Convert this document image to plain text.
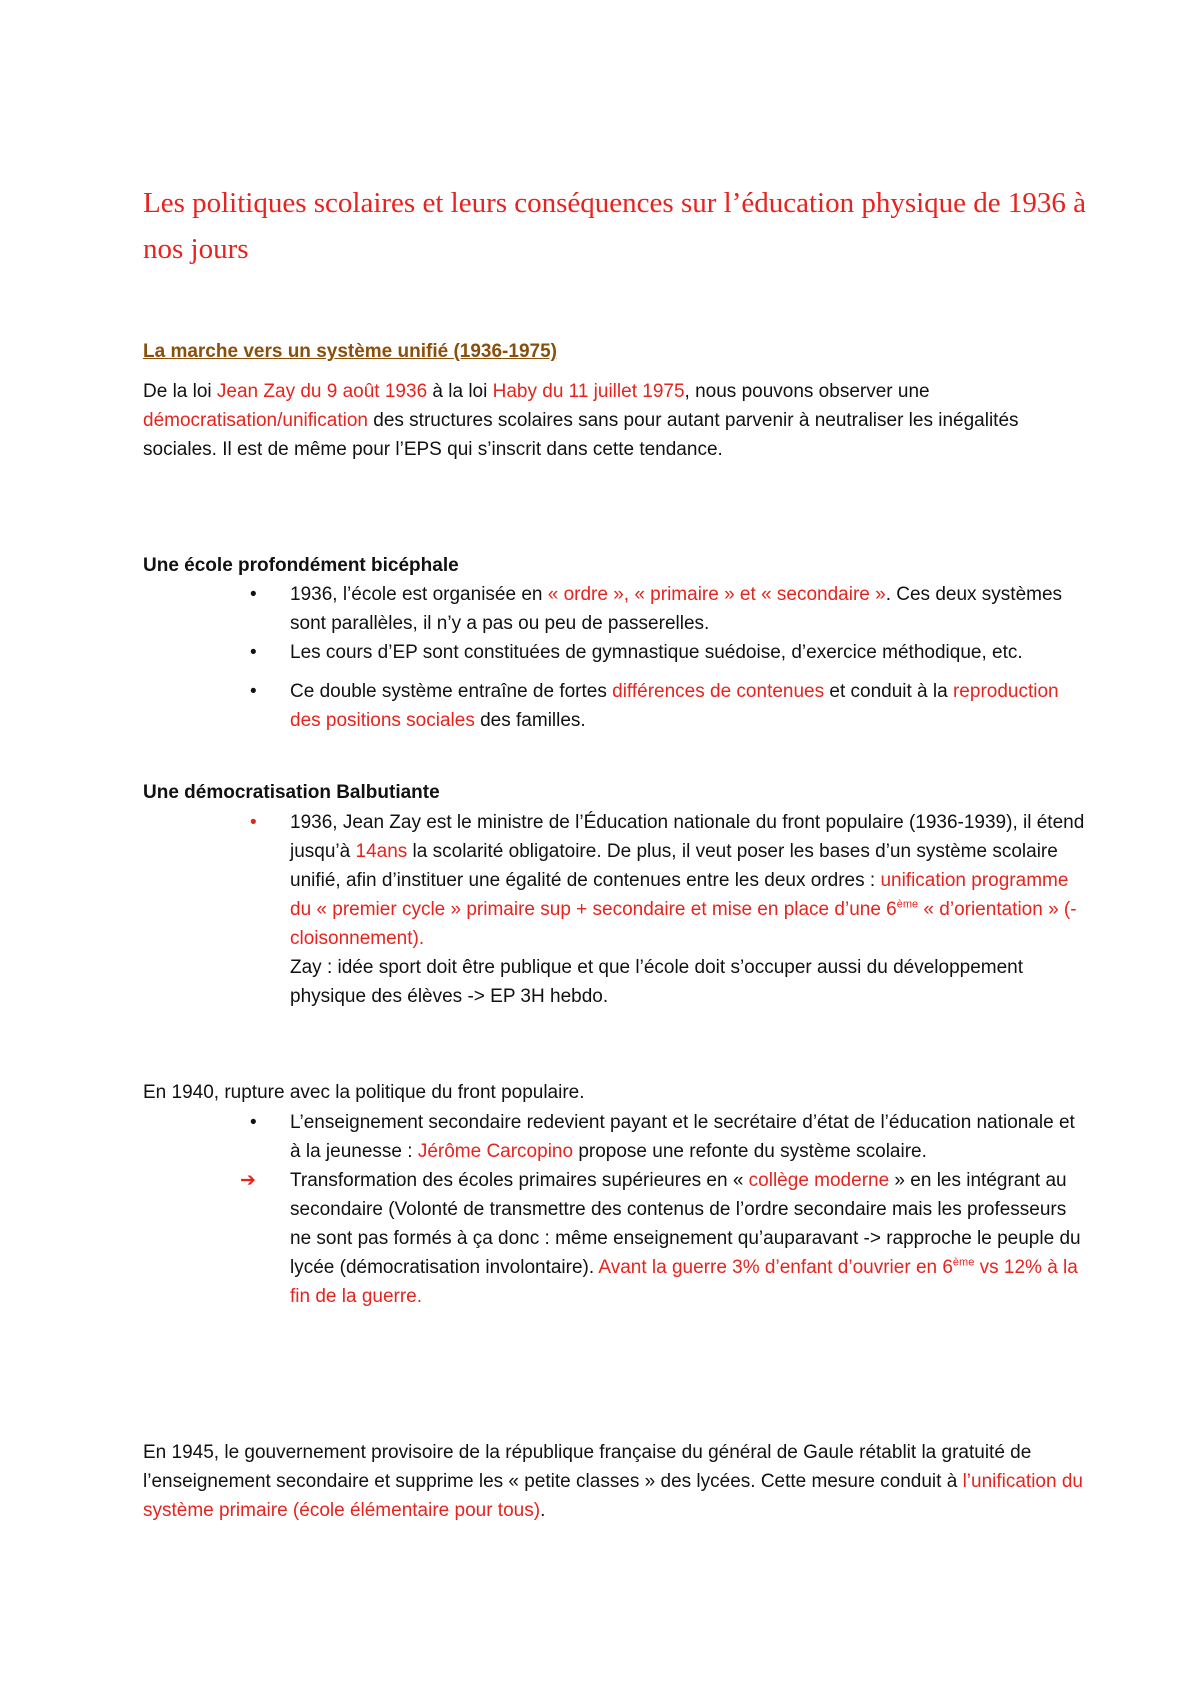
Les politiques scolaires et leurs conséquences sur l’éducation physique de 1936 à nos jours
La marche vers un système unifié (1936-1975)

De la loi Jean Zay du 9 août 1936 à la loi Haby du 11 juillet 1975, nous pouvons observer une démocratisation/unification des structures scolaires sans pour autant parvenir à neutraliser les inégalités sociales. Il est de même pour l’EPS qui s’inscrit dans cette tendance.

Une école profondément bicéphale
• 1936, l’école est organisée en « ordre », « primaire » et « secondaire ». Ces deux systèmes sont parallèles, il n’y a pas ou peu de passerelles.
• Les cours d’EP sont constituées de gymnastique suédoise, d’exercice méthodique, etc.
• Ce double système entraîne de fortes différences de contenues et conduit à la reproduction des positions sociales des familles.
Une démocratisation Balbutiante
• 1936, Jean Zay est le ministre de l’Éducation nationale du front populaire (1936-1939), il étend jusqu’à 14ans la scolarité obligatoire. De plus, il veut poser les bases d’un système scolaire unifié, afin d’instituer une égalité de contenues entre les deux ordres : unification programme du « premier cycle » primaire sup + secondaire et mise en place d’une 6ème « d’orientation » (-cloisonnement).
Zay : idée sport doit être publique et que l’école doit s’occuper aussi du développement physique des élèves -> EP 3H hebdo.

En 1940, rupture avec la politique du front populaire.

• L’enseignement secondaire redevient payant et le secrétaire d’état de l’éducation nationale et à la jeunesse : Jérôme Carcopino propose une refonte du système scolaire.
➔ Transformation des écoles primaires supérieures en « collège moderne » en les intégrant au secondaire (Volonté de transmettre des contenus de l’ordre secondaire mais les professeurs ne sont pas formés à ça donc : même enseignement qu’auparavant -> rapproche le peuple du lycée (démocratisation involontaire). Avant la guerre 3% d’enfant d’ouvrier en 6ème vs 12% à la fin de la guerre.

En 1945, le gouvernement provisoire de la république française du général de Gaule rétablit la gratuité de l’enseignement secondaire et supprime les « petite classes » des lycées. Cette mesure conduit à l’unification du système primaire (école élémentaire pour tous).
